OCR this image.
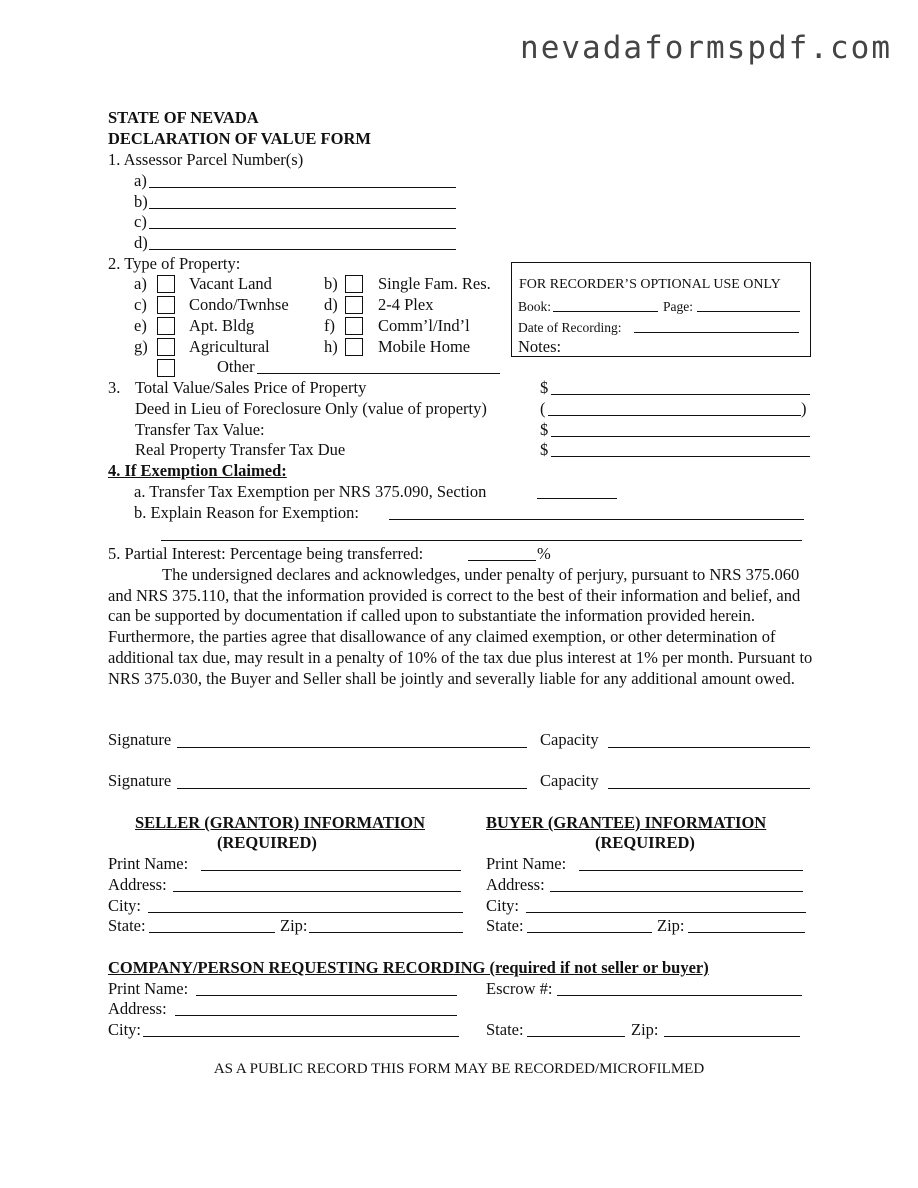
nevadaformspdf.com
STATE OF NEVADA
DECLARATION OF VALUE FORM
1. Assessor Parcel Number(s)
a)
b)
c)
d)
2. Type of Property:
a)	Vacant Land	b) Single Fam. Res.
c)	Condo/Twnhse d) 2-4 Plex
e)	Apt. Bldg	f)	Comm’l/Ind’l
g)	Agricultural	h) Mobile Home
Other
FOR RECORDER’S OPTIONAL USE ONLY
Book:	Page:
Date of Recording:
Notes:
3. Total Value/Sales Price of Property	$
Deed in Lieu of Foreclosure Only (value of property)	(	)
Transfer Tax Value:	$
Real Property Transfer Tax Due	$
4. If Exemption Claimed:
a. Transfer Tax Exemption per NRS 375.090, Section
b. Explain Reason for Exemption:
5. Partial Interest: Percentage being transferred:	%
The undersigned declares and acknowledges, under penalty of perjury, pursuant to NRS 375.060 and NRS 375.110, that the information provided is correct to the best of their information and belief, and can be supported by documentation if called upon to substantiate the information provided herein. Furthermore, the parties agree that disallowance of any claimed exemption, or other determination of additional tax due, may result in a penalty of 10% of the tax due plus interest at 1% per month. Pursuant to NRS 375.030, the Buyer and Seller shall be jointly and severally liable for any additional amount owed.
Signature	Capacity
Signature	Capacity
SELLER (GRANTOR) INFORMATION
(REQUIRED)
Print Name:
Address:
City:
State:	Zip:
BUYER (GRANTEE) INFORMATION
(REQUIRED)
Print Name:
Address:
City:
State:	Zip:
COMPANY/PERSON REQUESTING RECORDING (required if not seller or buyer)
Print Name:	Escrow #:
Address:
City:	State:	Zip:
AS A PUBLIC RECORD THIS FORM MAY BE RECORDED/MICROFILMED
